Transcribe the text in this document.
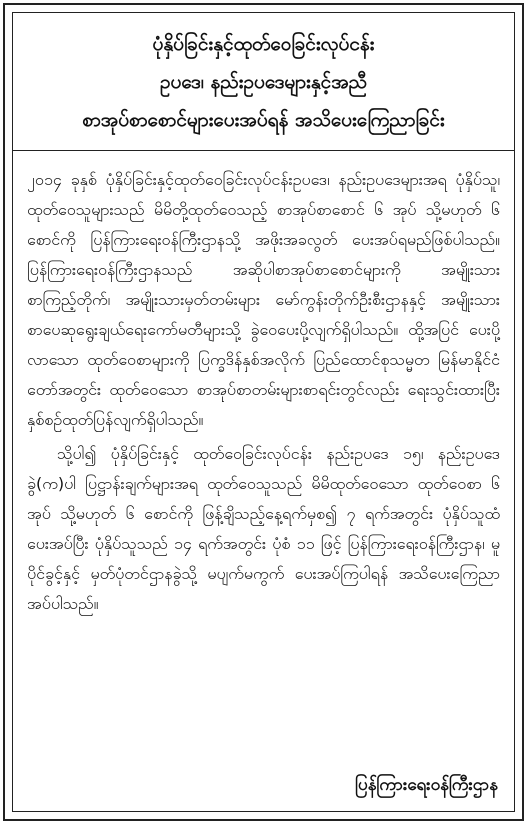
ပုံနှိပ်ခြင်းနှင့်ထုတ်ဝေခြင်းလုပ်ငန်း
ဥပဒေ၊ နည်းဥပဒေများနှင့်အညီ
စာအုပ်စာစောင်များပေးအပ်ရန် အသိပေးကြေညာခြင်း

၂၀၁၄ ခုနှစ် ပုံနှိပ်ခြင်းနှင့်ထုတ်ဝေခြင်းလုပ်ငန်းဥပဒေ၊ နည်းဥပဒေများအရ ပုံနှိပ်သူ၊ ထုတ်ဝေသူများသည် မိမိတို့ထုတ်ဝေသည့် စာအုပ်စာစောင် ၆ အုပ် သို့မဟုတ် ၆ စောင်ကို ပြန်ကြားရေးဝန်ကြီးဌာနသို့ အဖိုးအခလွတ် ပေးအပ်ရမည်ဖြစ်ပါသည်။ ပြန်ကြားရေးဝန်ကြီးဌာနသည် အဆိုပါစာအုပ်စာစောင်များကို အမျိုးသားစာကြည့်တိုက်၊ အမျိုးသားမှတ်တမ်းများ မော်ကွန်းတိုက်ဦးစီးဌာနနှင့် အမျိုးသားစာပေဆုရွေးချယ်ရေးကော်မတီများသို့ ခွဲဝေပေးပို့လျက်ရှိပါသည်။ ထို့အပြင် ပေးပို့လာသော ထုတ်ဝေစာများကို ပြက္ခဒိန်နှစ်အလိုက် ပြည်ထောင်စုသမ္မတ မြန်မာနိုင်ငံတော်အတွင်း ထုတ်ဝေသော စာအုပ်စာတမ်းများစာရင်းတွင်လည်း ရေးသွင်းထားပြီး နှစ်စဉ်ထုတ်ပြန်လျက်ရှိပါသည်။

သို့ပါ၍ ပုံနှိပ်ခြင်းနှင့် ထုတ်ဝေခြင်းလုပ်ငန်း နည်းဥပဒေ ၁၅၊ နည်းဥပဒေခွဲ(က)ပါ ပြဋ္ဌာန်းချက်များအရ ထုတ်ဝေသူသည် မိမိထုတ်ဝေသော ထုတ်ဝေစာ ၆ အုပ် သို့မဟုတ် ၆ စောင်ကို ဖြန့်ချိသည့်နေ့ရက်မှစ၍ ၇ ရက်အတွင်း ပုံနှိပ်သူထံပေးအပ်ပြီး ပုံနှိပ်သူသည် ၁၄ ရက်အတွင်း ပုံစံ ၁၁ ဖြင့် ပြန်ကြားရေးဝန်ကြီးဌာန၊ မူပိုင်ခွင့်နှင့် မှတ်ပုံတင်ဌာနခွဲသို့ မပျက်မကွက် ပေးအပ်ကြပါရန် အသိပေးကြေညာအပ်ပါသည်။

ပြန်ကြားရေးဝန်ကြီးဌာန
